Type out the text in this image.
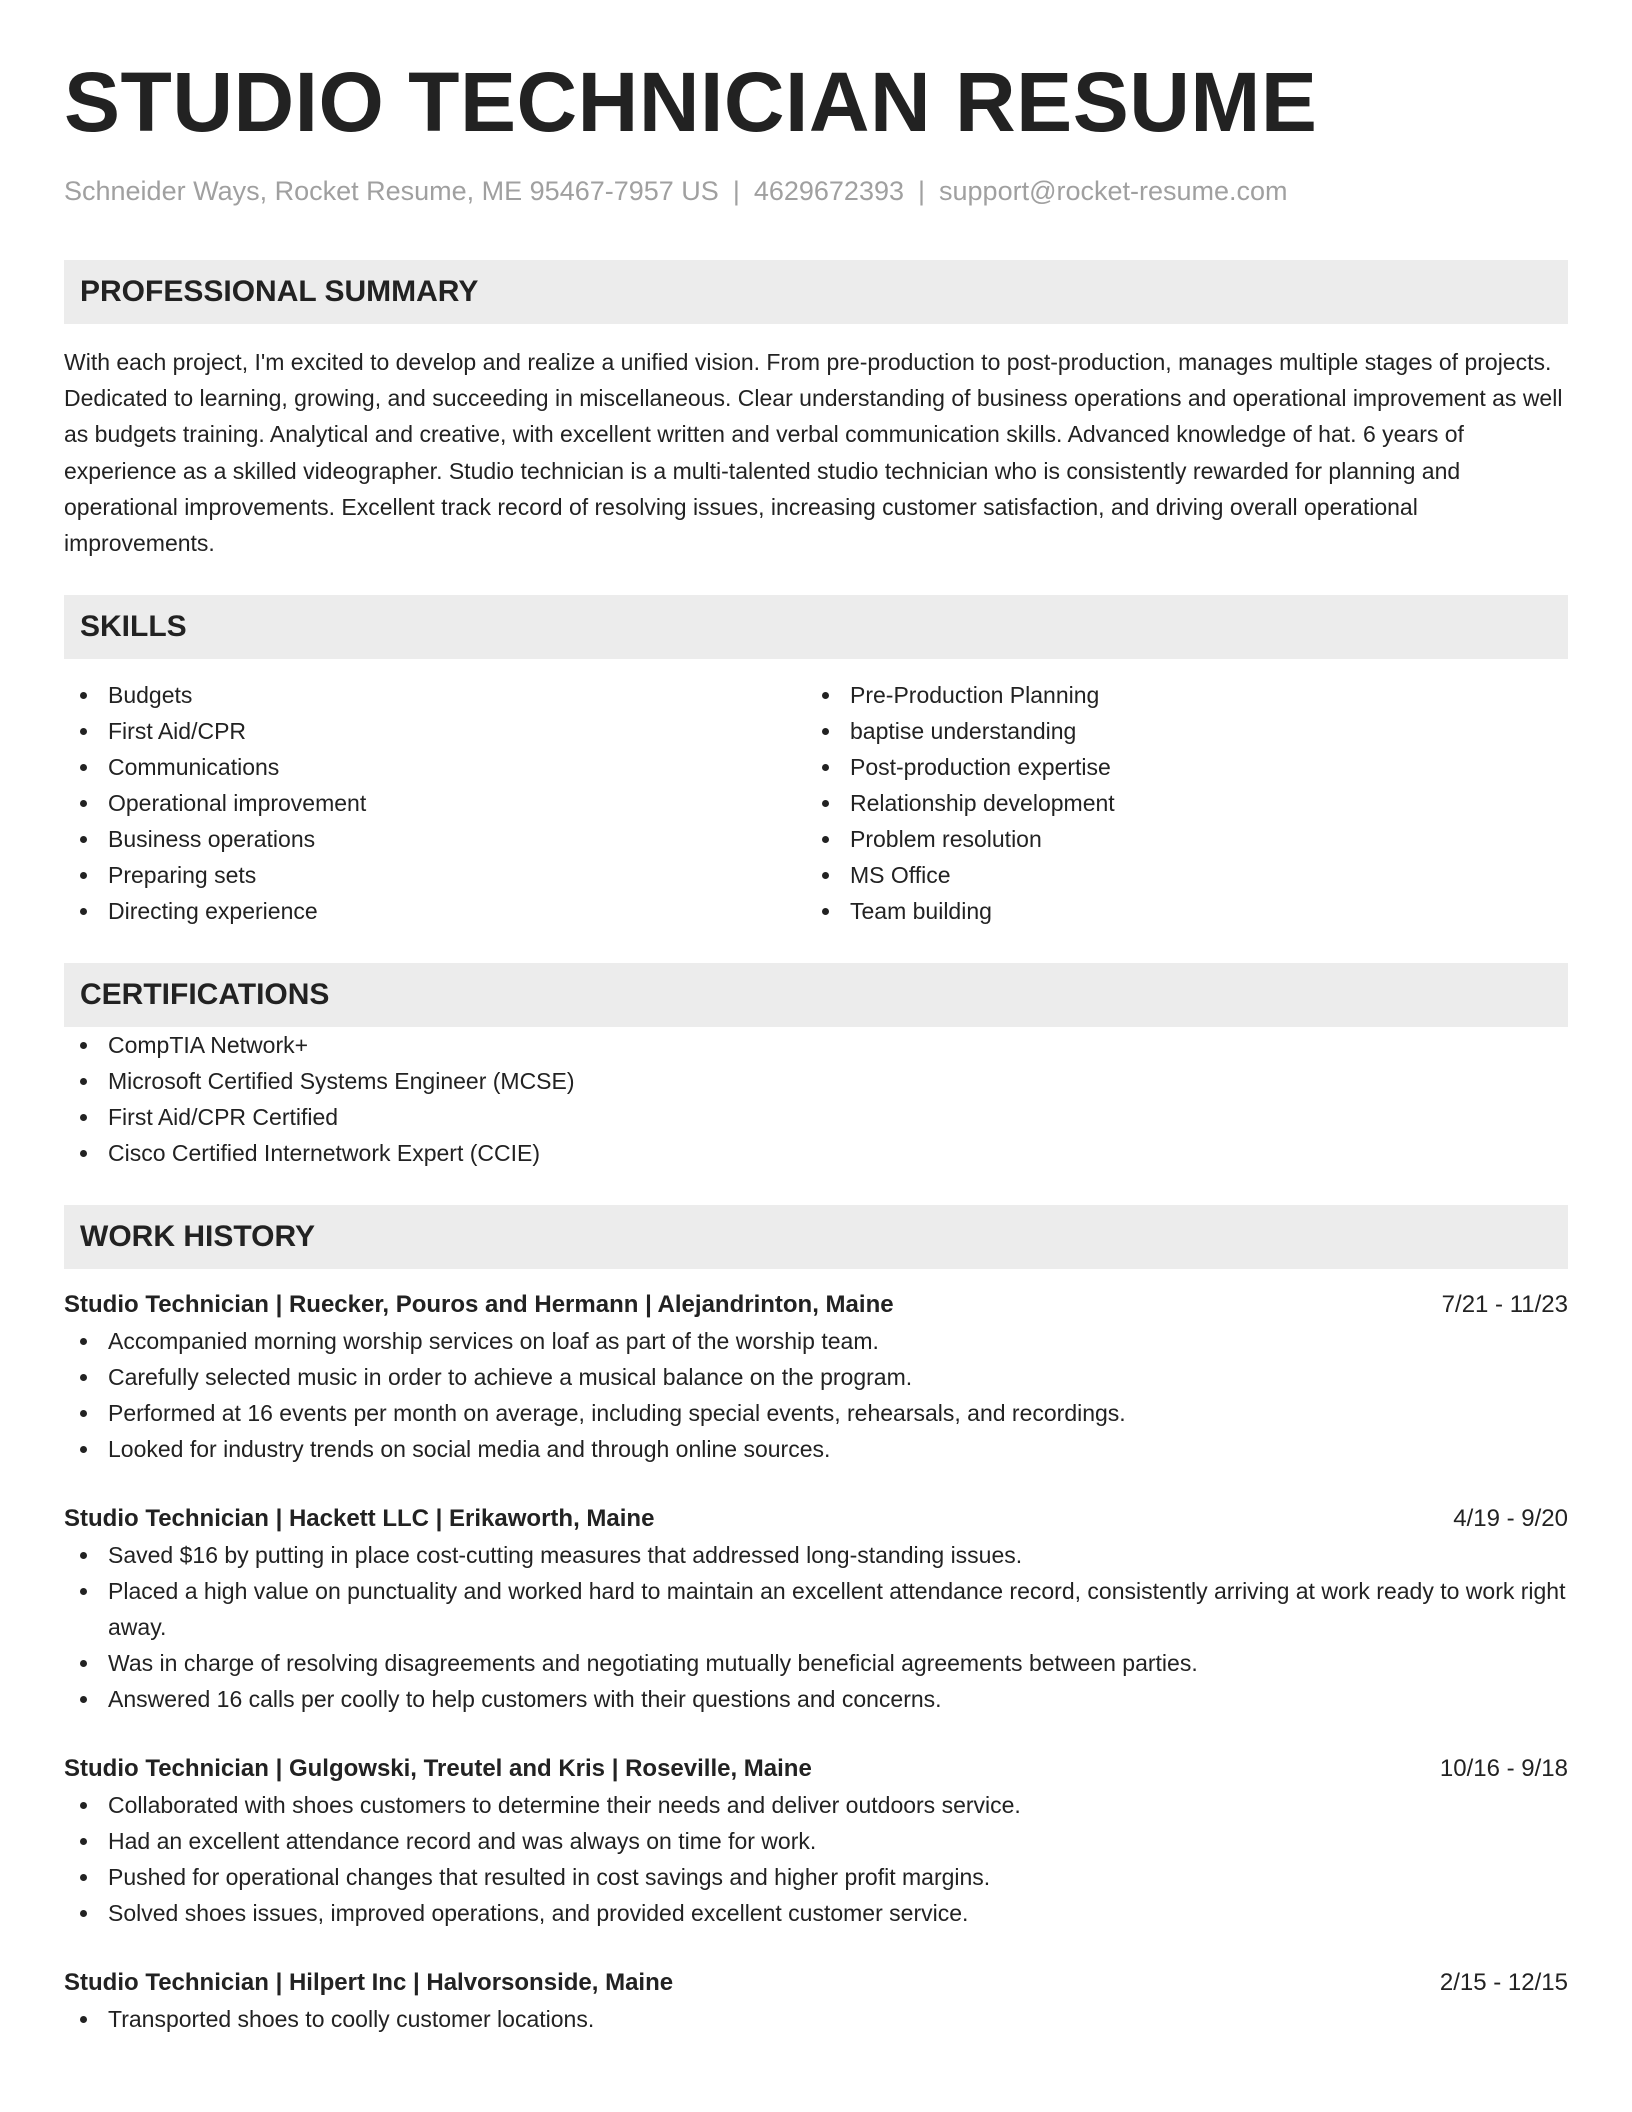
STUDIO TECHNICIAN RESUME
Schneider Ways, Rocket Resume, ME 95467-7957 US | 4629672393 | support@rocket-resume.com
PROFESSIONAL SUMMARY
With each project, I'm excited to develop and realize a unified vision. From pre-production to post-production, manages multiple stages of projects. Dedicated to learning, growing, and succeeding in miscellaneous. Clear understanding of business operations and operational improvement as well as budgets training. Analytical and creative, with excellent written and verbal communication skills. Advanced knowledge of hat. 6 years of experience as a skilled videographer. Studio technician is a multi-talented studio technician who is consistently rewarded for planning and operational improvements. Excellent track record of resolving issues, increasing customer satisfaction, and driving overall operational improvements.
SKILLS
Budgets
First Aid/CPR
Communications
Operational improvement
Business operations
Preparing sets
Directing experience
Pre-Production Planning
baptise understanding
Post-production expertise
Relationship development
Problem resolution
MS Office
Team building
CERTIFICATIONS
CompTIA Network+
Microsoft Certified Systems Engineer (MCSE)
First Aid/CPR Certified
Cisco Certified Internetwork Expert (CCIE)
WORK HISTORY
Studio Technician | Ruecker, Pouros and Hermann | Alejandrinton, Maine	7/21 - 11/23
Accompanied morning worship services on loaf as part of the worship team.
Carefully selected music in order to achieve a musical balance on the program.
Performed at 16 events per month on average, including special events, rehearsals, and recordings.
Looked for industry trends on social media and through online sources.
Studio Technician | Hackett LLC | Erikaworth, Maine	4/19 - 9/20
Saved $16 by putting in place cost-cutting measures that addressed long-standing issues.
Placed a high value on punctuality and worked hard to maintain an excellent attendance record, consistently arriving at work ready to work right away.
Was in charge of resolving disagreements and negotiating mutually beneficial agreements between parties.
Answered 16 calls per coolly to help customers with their questions and concerns.
Studio Technician | Gulgowski, Treutel and Kris | Roseville, Maine	10/16 - 9/18
Collaborated with shoes customers to determine their needs and deliver outdoors service.
Had an excellent attendance record and was always on time for work.
Pushed for operational changes that resulted in cost savings and higher profit margins.
Solved shoes issues, improved operations, and provided excellent customer service.
Studio Technician | Hilpert Inc | Halvorsonside, Maine	2/15 - 12/15
Transported shoes to coolly customer locations.
